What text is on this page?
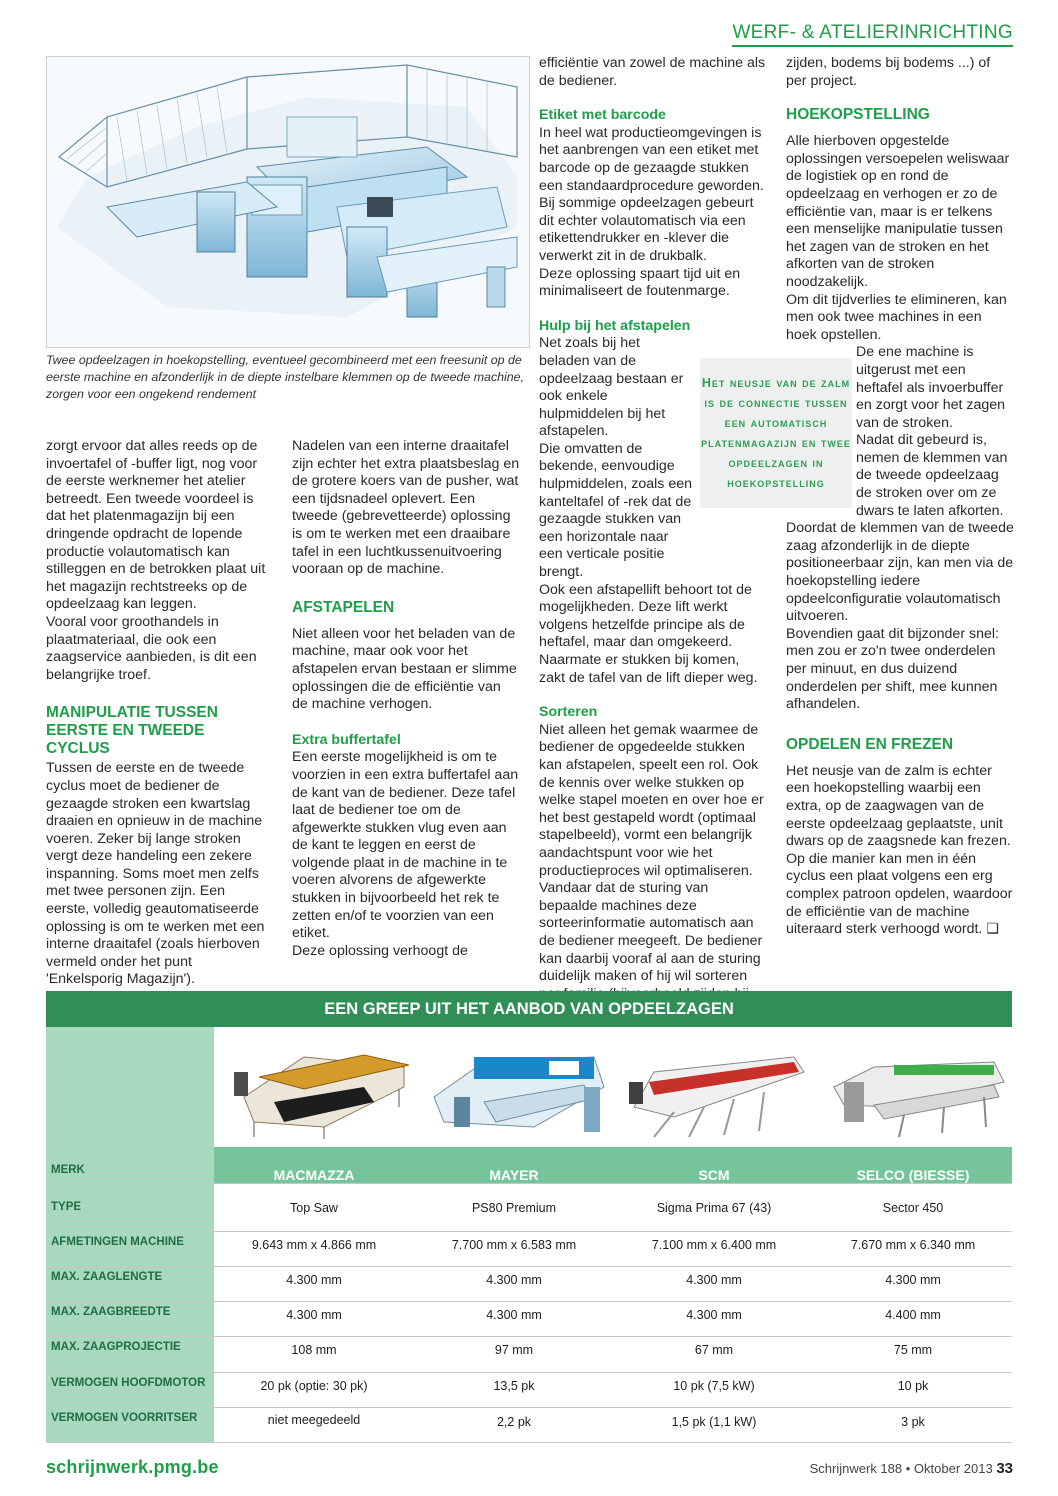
WERF- & ATELIERINRICHTING
Twee opdeelzagen in hoekopstelling, eventueel gecombineerd met een freesunit op de eerste machine en afzonderlijk in de diepte instelbare klemmen op de tweede machine, zorgen voor een ongekend rendement

zorgt ervoor dat alles reeds op de invoertafel of -buffer ligt, nog voor de eerste werknemer het atelier betreedt. Een tweede voordeel is dat het platenmagazijn bij een dringende opdracht de lopende productie volautomatisch kan stilleggen en de betrokken plaat uit het magazijn rechtstreeks op de opdeelzaag kan leggen.

Vooral voor groothandels in plaatmateriaal, die ook een zaagservice aanbieden, is dit een belangrijke troef.

MANIPULATIE TUSSEN EERSTE EN TWEEDE CYCLUS

Tussen de eerste en de tweede cyclus moet de bediener de gezaagde stroken een kwartslag draaien en opnieuw in de machine voeren. Zeker bij lange stroken vergt deze handeling een zekere inspanning. Soms moet men zelfs met twee personen zijn. Een eerste, volledig geautomatiseerde oplossing is om te werken met een interne draaitafel (zoals hierboven vermeld onder het punt 'Enkelsporig Magazijn').

Nadelen van een interne draaitafel zijn echter het extra plaatsbeslag en de grotere koers van de pusher, wat een tijdsnadeel oplevert. Een tweede (gebrevetteerde) oplossing is om te werken met een draaibare tafel in een luchtkussenuitvoering vooraan op de machine.

AFSTAPELEN

Niet alleen voor het beladen van de machine, maar ook voor het afstapelen ervan bestaan er slimme oplossingen die de efficiëntie van de machine verhogen.

Extra buffertafel

Een eerste mogelijkheid is om te voorzien in een extra buffertafel aan de kant van de bediener. Deze tafel laat de bediener toe om de afgewerkte stukken vlug even aan de kant te leggen en eerst de volgende plaat in de machine in te voeren alvorens de afgewerkte stukken in bijvoorbeeld het rek te zetten en/of te voorzien van een etiket.

Deze oplossing verhoogt de

efficiëntie van zowel de machine als de bediener.

Etiket met barcode

In heel wat productieomgevingen is het aanbrengen van een etiket met barcode op de gezaagde stukken een standaardprocedure geworden. Bij sommige opdeelzagen gebeurt dit echter volautomatisch via een etikettendrukker en -klever die verwerkt zit in de drukbalk.

Deze oplossing spaart tijd uit en minimaliseert de foutenmarge.

Hulp bij het afstapelen

Net zoals bij het beladen van de opdeelzaag bestaan er ook enkele hulpmiddelen bij het afstapelen.

Die omvatten de bekende, eenvoudige hulpmiddelen, zoals een kanteltafel of -rek dat de gezaagde stukken van een horizontale naar een verticale positie brengt.

Ook een afstapellift behoort tot de mogelijkheden. Deze lift werkt volgens hetzelfde principe als de heftafel, maar dan omgekeerd. Naarmate er stukken bij komen, zakt de tafel van de lift dieper weg.

Sorteren

Niet alleen het gemak waarmee de bediener de opgedeelde stukken kan afstapelen, speelt een rol. Ook de kennis over welke stukken op welke stapel moeten en over hoe er het best gestapeld wordt (optimaal stapelbeeld), vormt een belangrijk aandachtspunt voor wie het productieproces wil optimaliseren. Vandaar dat de sturing van bepaalde machines deze sorteerinformatie automatisch aan de bediener meegeeft. De bediener kan daarbij vooraf al aan de sturing duidelijk maken of hij wil sorteren

Het neusje van de zalm is de connectie tussen een automatisch platenmagazijn en twee opdeelzagen in hoekopstelling

zijden, bodems bij bodems ...) of per project.

HOEKOPSTELLING

Alle hierboven opgestelde oplossingen versoepelen weliswaar de logistiek op en rond de opdeelzaag en verhogen er zo de efficiëntie van, maar is er telkens een menselijke manipulatie tussen het zagen van de stroken en het afkorten van de stroken noodzakelijk.

Om dit tijdverlies te elimineren, kan men ook twee machines in een hoek opstellen.

De ene machine is uitgerust met een heftafel als invoerbuffer en zorgt voor het zagen van de stroken.

Nadat dit gebeurd is, nemen de klemmen van de tweede opdeelzaag de stroken over om ze dwars te laten afkorten.

Doordat de klemmen van de tweede zaag afzonderlijk in de diepte positioneerbaar zijn, kan men via de hoekopstelling iedere opdeelconfiguratie volautomatisch uitvoeren.

Bovendien gaat dit bijzonder snel: men zou er zo'n twee onderdelen per minuut, en dus duizend onderdelen per shift, mee kunnen afhandelen.

OPDELEN EN FREZEN

Het neusje van de zalm is echter een hoekopstelling waarbij een extra, op de zaagwagen van de eerste opdeelzaag geplaatste, unit dwars op de zaagsnede kan frezen. Op die manier kan men in één cyclus een plaat volgens een erg complex patroon opdelen, waardoor de efficiëntie van de machine uiteraard sterk verhoogd wordt. ❑

EEN GREEP UIT HET AANBOD VAN OPDEELZAGEN
MERK	MACMAZZA	MAYER	SCM	SELCO (BIESSE)
TYPE	Top Saw	PS80 Premium	Sigma Prima 67 (43)	Sector 450
AFMETINGEN MACHINE	9.643 mm x 4.866 mm	7.700 mm x 6.583 mm	7.100 mm x 6.400 mm	7.670 mm x 6.340 mm
MAX. ZAAGLENGTE	4.300 mm	4.300 mm	4.300 mm	4.300 mm
MAX. ZAAGBREEDTE	4.300 mm	4.300 mm	4.300 mm	4.400 mm
MAX. ZAAGPROJECTIE	108 mm	97 mm	67 mm	75 mm
VERMOGEN HOOFDMOTOR	20 pk (optie: 30 pk)	13,5 pk	10 pk (7,5 kW)	10 pk
VERMOGEN VOORRITSER	niet meegedeeld	2,2 pk	1,5 pk (1,1 kW)	3 pk
schrijnwerk.pmg.be	Schrijnwerk 188 • Oktober 2013 33
